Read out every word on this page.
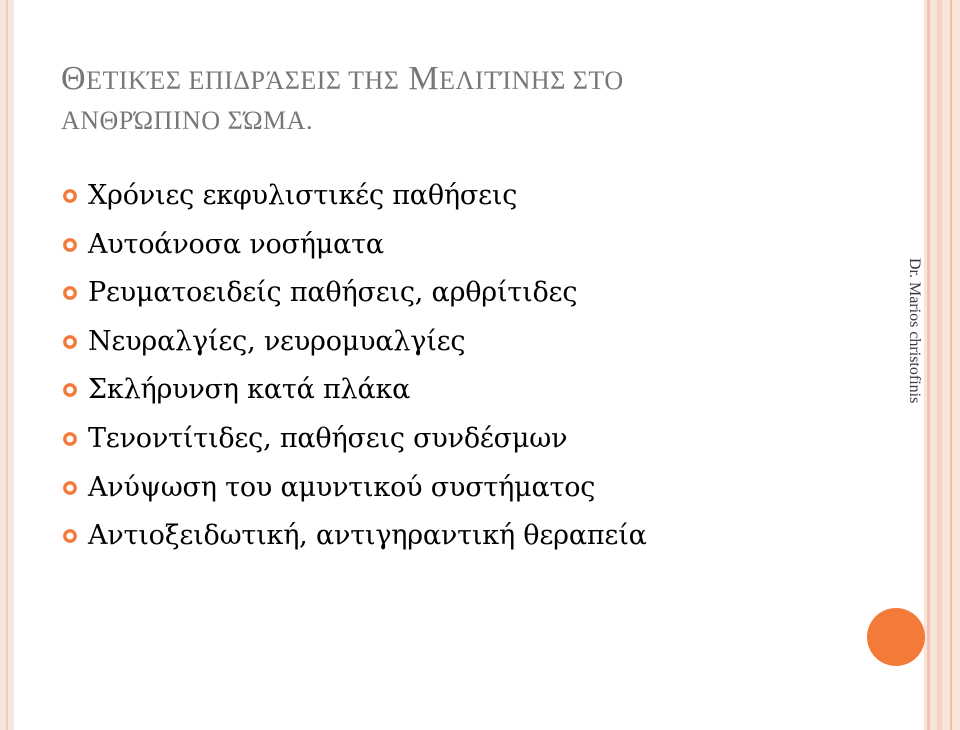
ΘΕΤΙΚΈΣ ΕΠΙΔΡΆΣΕΙΣ ΤΗΣ ΜΕΛΙΤΊΝΗΣ ΣΤΟ
ΑΝΘΡΏΠΙΝΟ ΣΏΜΑ.
Χρόνιες εκφυλιστικές παθήσεις
Αυτοάνοσα νοσήματα
Ρευματοειδείς παθήσεις, αρθρίτιδες
Νευραλγίες, νευρομυαλγίες
Σκλήρυνση κατά πλάκα
Τενοντίτιδες, παθήσεις συνδέσμων
Ανύψωση του αμυντικού συστήματος
Αντιοξειδωτική, αντιγηραντική θεραπεία
Dr. Marios christofinis
